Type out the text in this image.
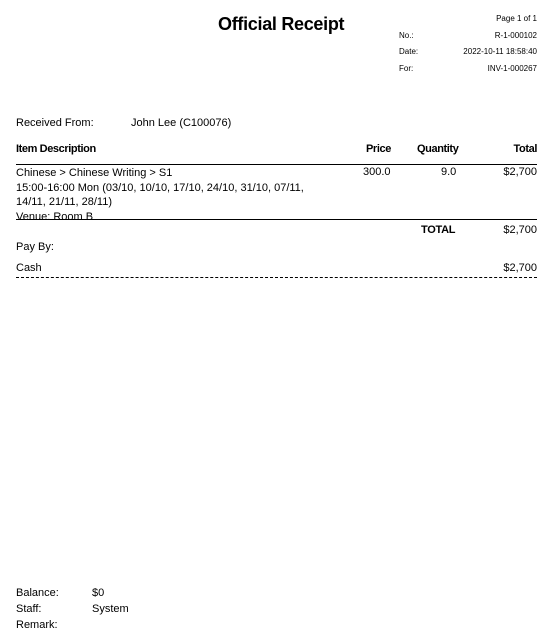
Official Receipt	Page 1 of 1
No.:	R-1-000102
Date:	2022-10-11 18:58:40
For:	INV-1-000267
Received From:	John Lee (C100076)
Item Description	Price Quantity	Total
Chinese > Chinese Writing > S1
15:00-16:00 Mon (03/10, 10/10, 17/10, 24/10, 31/10, 07/11,
14/11, 21/11, 28/11)
Venue: Room B
300.0	9.0	$2,700
TOTAL	$2,700
Pay By:
Cash	$2,700
Balance:	$0
Staff:	System
Remark:
